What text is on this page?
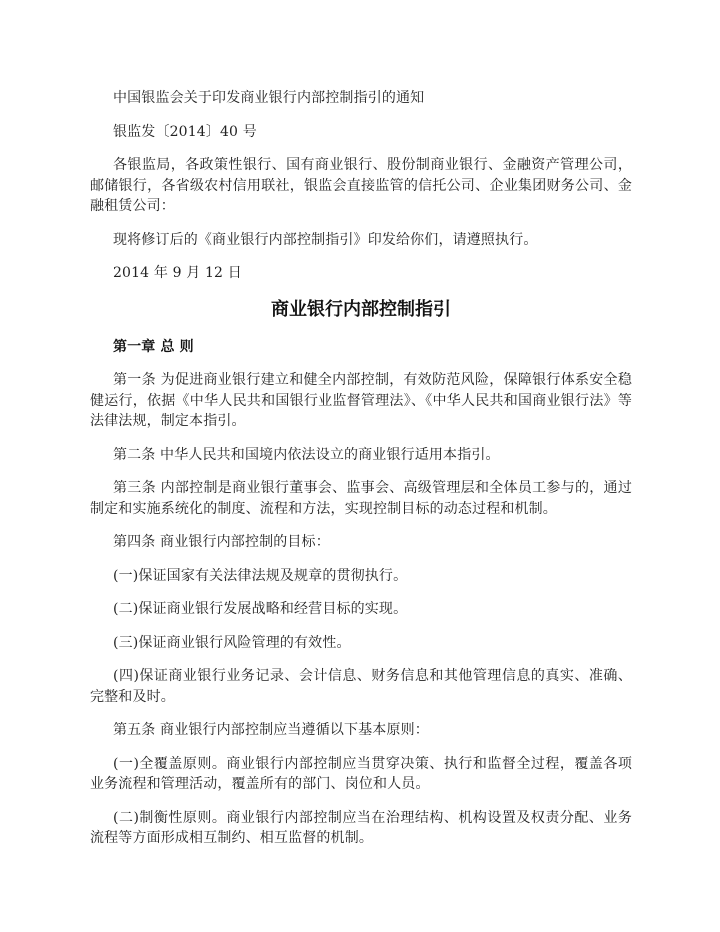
中国银监会关于印发商业银行内部控制指引的通知

银监发〔2014〕40 号

各银监局，各政策性银行、国有商业银行、股份制商业银行、金融资产管理公司，邮储银行，各省级农村信用联社，银监会直接监管的信托公司、企业集团财务公司、金融租赁公司：

现将修订后的《商业银行内部控制指引》印发给你们，请遵照执行。

2014 年 9 月 12 日

商业银行内部控制指引

第一章 总 则

第一条 为促进商业银行建立和健全内部控制，有效防范风险，保障银行体系安全稳健运行，依据《中华人民共和国银行业监督管理法》、《中华人民共和国商业银行法》等法律法规，制定本指引。

第二条 中华人民共和国境内依法设立的商业银行适用本指引。

第三条 内部控制是商业银行董事会、监事会、高级管理层和全体员工参与的，通过制定和实施系统化的制度、流程和方法，实现控制目标的动态过程和机制。

第四条 商业银行内部控制的目标：

(一)保证国家有关法律法规及规章的贯彻执行。

(二)保证商业银行发展战略和经营目标的实现。

(三)保证商业银行风险管理的有效性。

(四)保证商业银行业务记录、会计信息、财务信息和其他管理信息的真实、准确、完整和及时。

第五条 商业银行内部控制应当遵循以下基本原则：

(一)全覆盖原则。商业银行内部控制应当贯穿决策、执行和监督全过程，覆盖各项业务流程和管理活动，覆盖所有的部门、岗位和人员。

(二)制衡性原则。商业银行内部控制应当在治理结构、机构设置及权责分配、业务流程等方面形成相互制约、相互监督的机制。
